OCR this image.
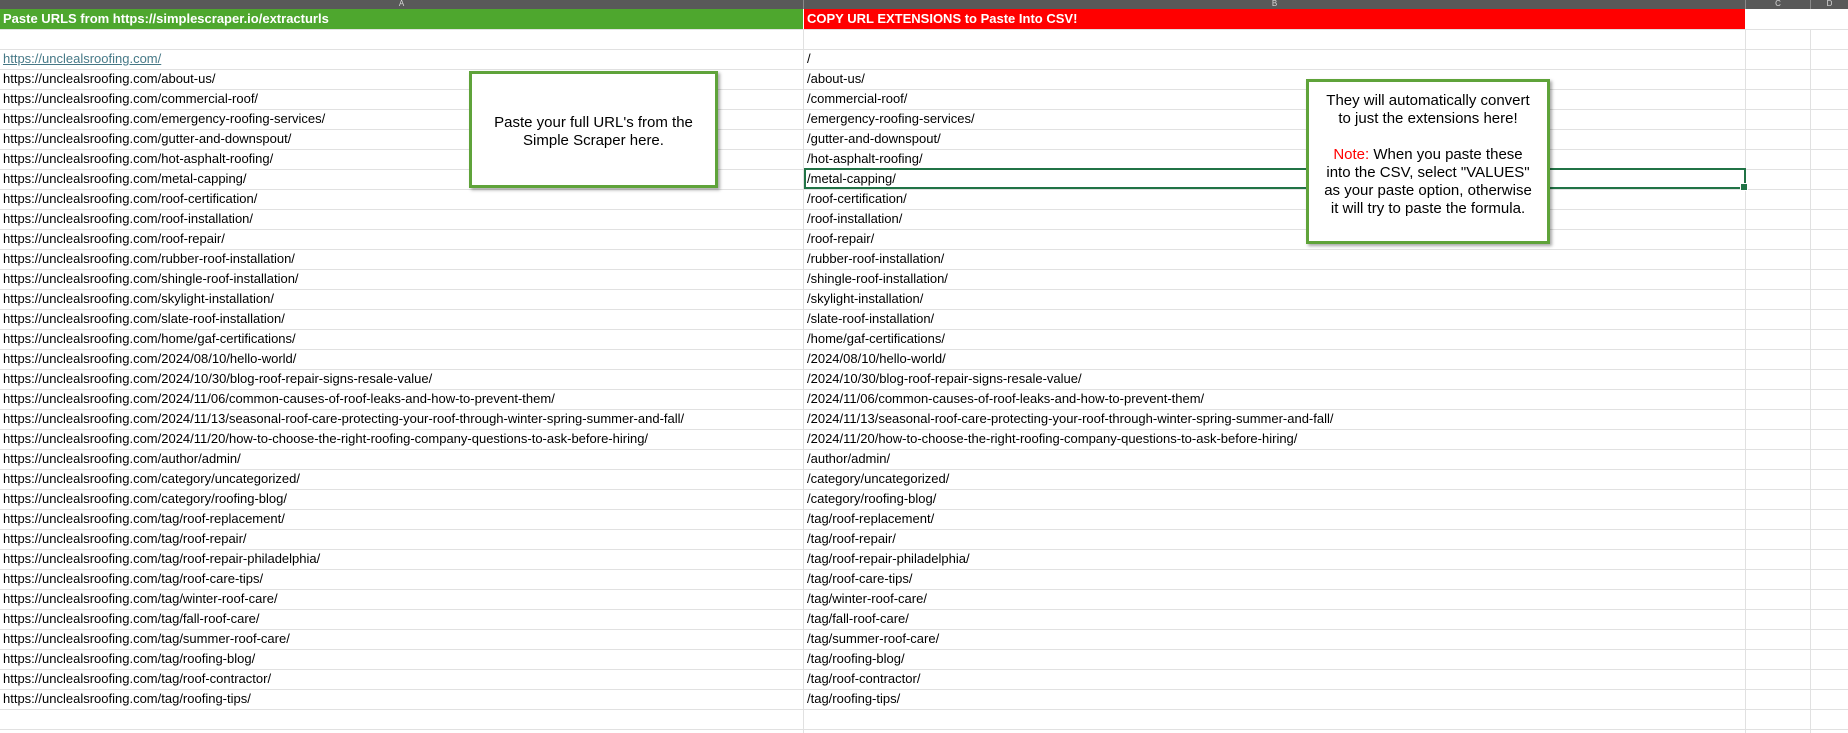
A	B	C	D
Paste URLS from https://simplescraper.io/extracturls	COPY URL EXTENSIONS to Paste Into CSV!
https://unclealsroofing.com/	/
https://unclealsroofing.com/about-us/	/about-us/
https://unclealsroofing.com/commercial-roof/	/commercial-roof/
https://unclealsroofing.com/emergency-roofing-services/	/emergency-roofing-services/
https://unclealsroofing.com/gutter-and-downspout/	/gutter-and-downspout/
https://unclealsroofing.com/hot-asphalt-roofing/	/hot-asphalt-roofing/
https://unclealsroofing.com/metal-capping/	/metal-capping/
https://unclealsroofing.com/roof-certification/	/roof-certification/
https://unclealsroofing.com/roof-installation/	/roof-installation/
https://unclealsroofing.com/roof-repair/	/roof-repair/
https://unclealsroofing.com/rubber-roof-installation/	/rubber-roof-installation/
https://unclealsroofing.com/shingle-roof-installation/	/shingle-roof-installation/
https://unclealsroofing.com/skylight-installation/	/skylight-installation/
https://unclealsroofing.com/slate-roof-installation/	/slate-roof-installation/
https://unclealsroofing.com/home/gaf-certifications/	/home/gaf-certifications/
https://unclealsroofing.com/2024/08/10/hello-world/	/2024/08/10/hello-world/
https://unclealsroofing.com/2024/10/30/blog-roof-repair-signs-resale-value/	/2024/10/30/blog-roof-repair-signs-resale-value/
https://unclealsroofing.com/2024/11/06/common-causes-of-roof-leaks-and-how-to-prevent-them/	/2024/11/06/common-causes-of-roof-leaks-and-how-to-prevent-them/
https://unclealsroofing.com/2024/11/13/seasonal-roof-care-protecting-your-roof-through-winter-spring-summer-and-fall/	/2024/11/13/seasonal-roof-care-protecting-your-roof-through-winter-spring-summer-and-fall/
https://unclealsroofing.com/2024/11/20/how-to-choose-the-right-roofing-company-questions-to-ask-before-hiring/	/2024/11/20/how-to-choose-the-right-roofing-company-questions-to-ask-before-hiring/
https://unclealsroofing.com/author/admin/	/author/admin/
https://unclealsroofing.com/category/uncategorized/	/category/uncategorized/
https://unclealsroofing.com/category/roofing-blog/	/category/roofing-blog/
https://unclealsroofing.com/tag/roof-replacement/	/tag/roof-replacement/
https://unclealsroofing.com/tag/roof-repair/	/tag/roof-repair/
https://unclealsroofing.com/tag/roof-repair-philadelphia/	/tag/roof-repair-philadelphia/
https://unclealsroofing.com/tag/roof-care-tips/	/tag/roof-care-tips/
https://unclealsroofing.com/tag/winter-roof-care/	/tag/winter-roof-care/
https://unclealsroofing.com/tag/fall-roof-care/	/tag/fall-roof-care/
https://unclealsroofing.com/tag/summer-roof-care/	/tag/summer-roof-care/
https://unclealsroofing.com/tag/roofing-blog/	/tag/roofing-blog/
https://unclealsroofing.com/tag/roof-contractor/	/tag/roof-contractor/
https://unclealsroofing.com/tag/roofing-tips/	/tag/roofing-tips/
Paste your full URL's from the Simple Scraper here.
They will automatically convert to just the extensions here!
Note: When you paste these into the CSV, select "VALUES" as your paste option, otherwise it will try to paste the formula.
